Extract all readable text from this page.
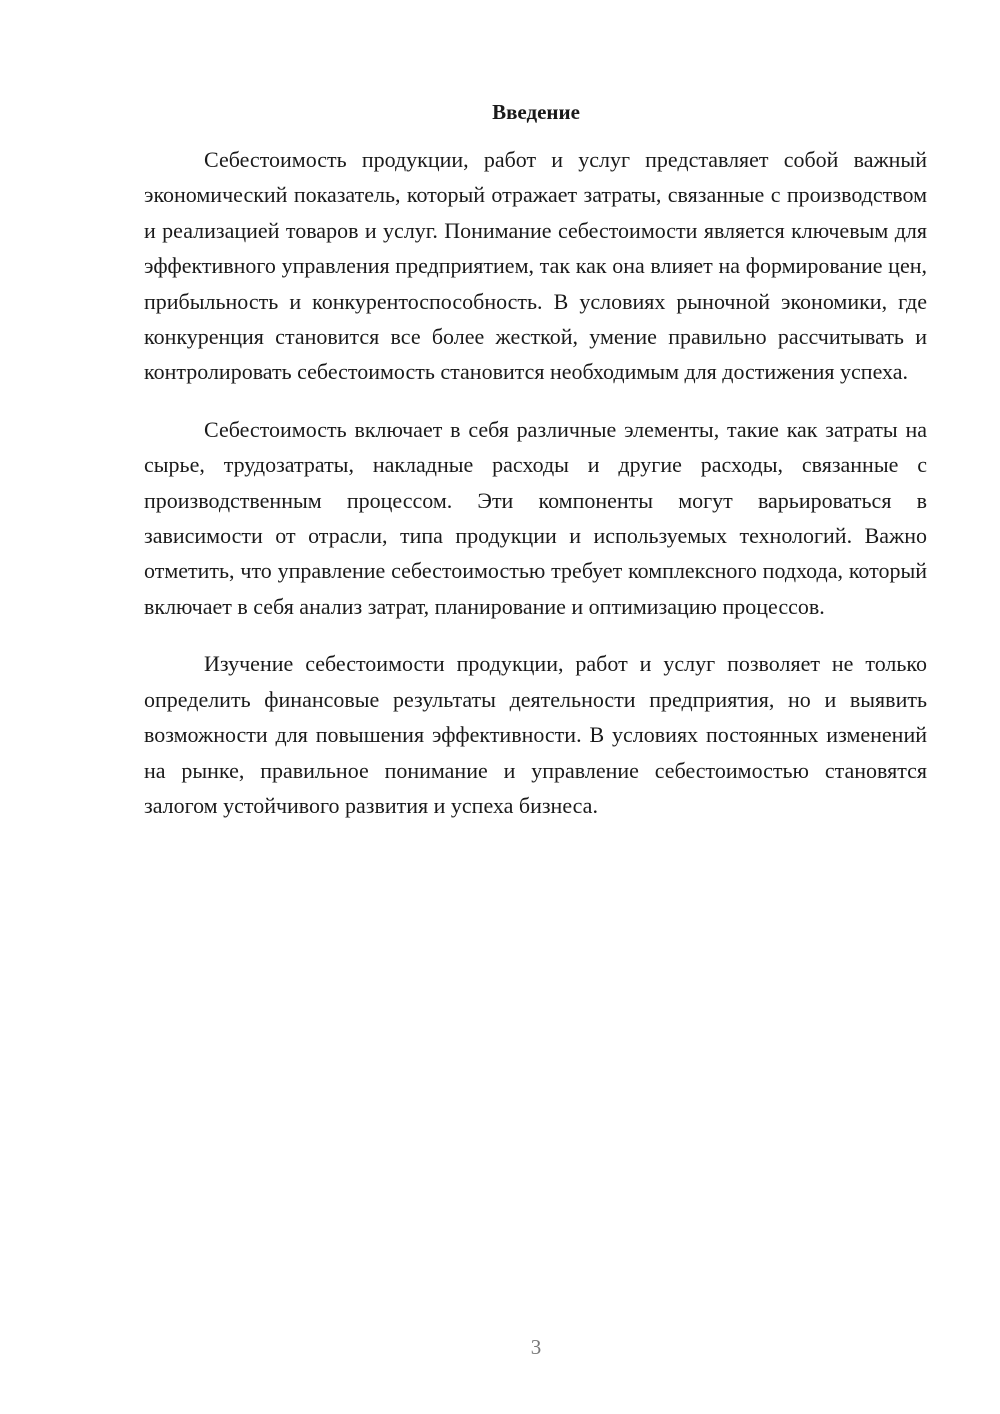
Введение

Себестоимость продукции, работ и услуг представляет собой важный экономический показатель, который отражает затраты, связанные с производством и реализацией товаров и услуг. Понимание себестоимости является ключевым для эффективного управления предприятием, так как она влияет на формирование цен, прибыльность и конкурентоспособность. В условиях рыночной экономики, где конкуренция становится все более жесткой, умение правильно рассчитывать и контролировать себестоимость становится необходимым для достижения успеха.

Себестоимость включает в себя различные элементы, такие как затраты на сырье, трудозатраты, накладные расходы и другие расходы, связанные с производственным процессом. Эти компоненты могут варьироваться в зависимости от отрасли, типа продукции и используемых технологий. Важно отметить, что управление себестоимостью требует комплексного подхода, который включает в себя анализ затрат, планирование и оптимизацию процессов.

Изучение себестоимости продукции, работ и услуг позволяет не только определить финансовые результаты деятельности предприятия, но и выявить возможности для повышения эффективности. В условиях постоянных изменений на рынке, правильное понимание и управление себестоимостью становятся залогом устойчивого развития и успеха бизнеса.

3
